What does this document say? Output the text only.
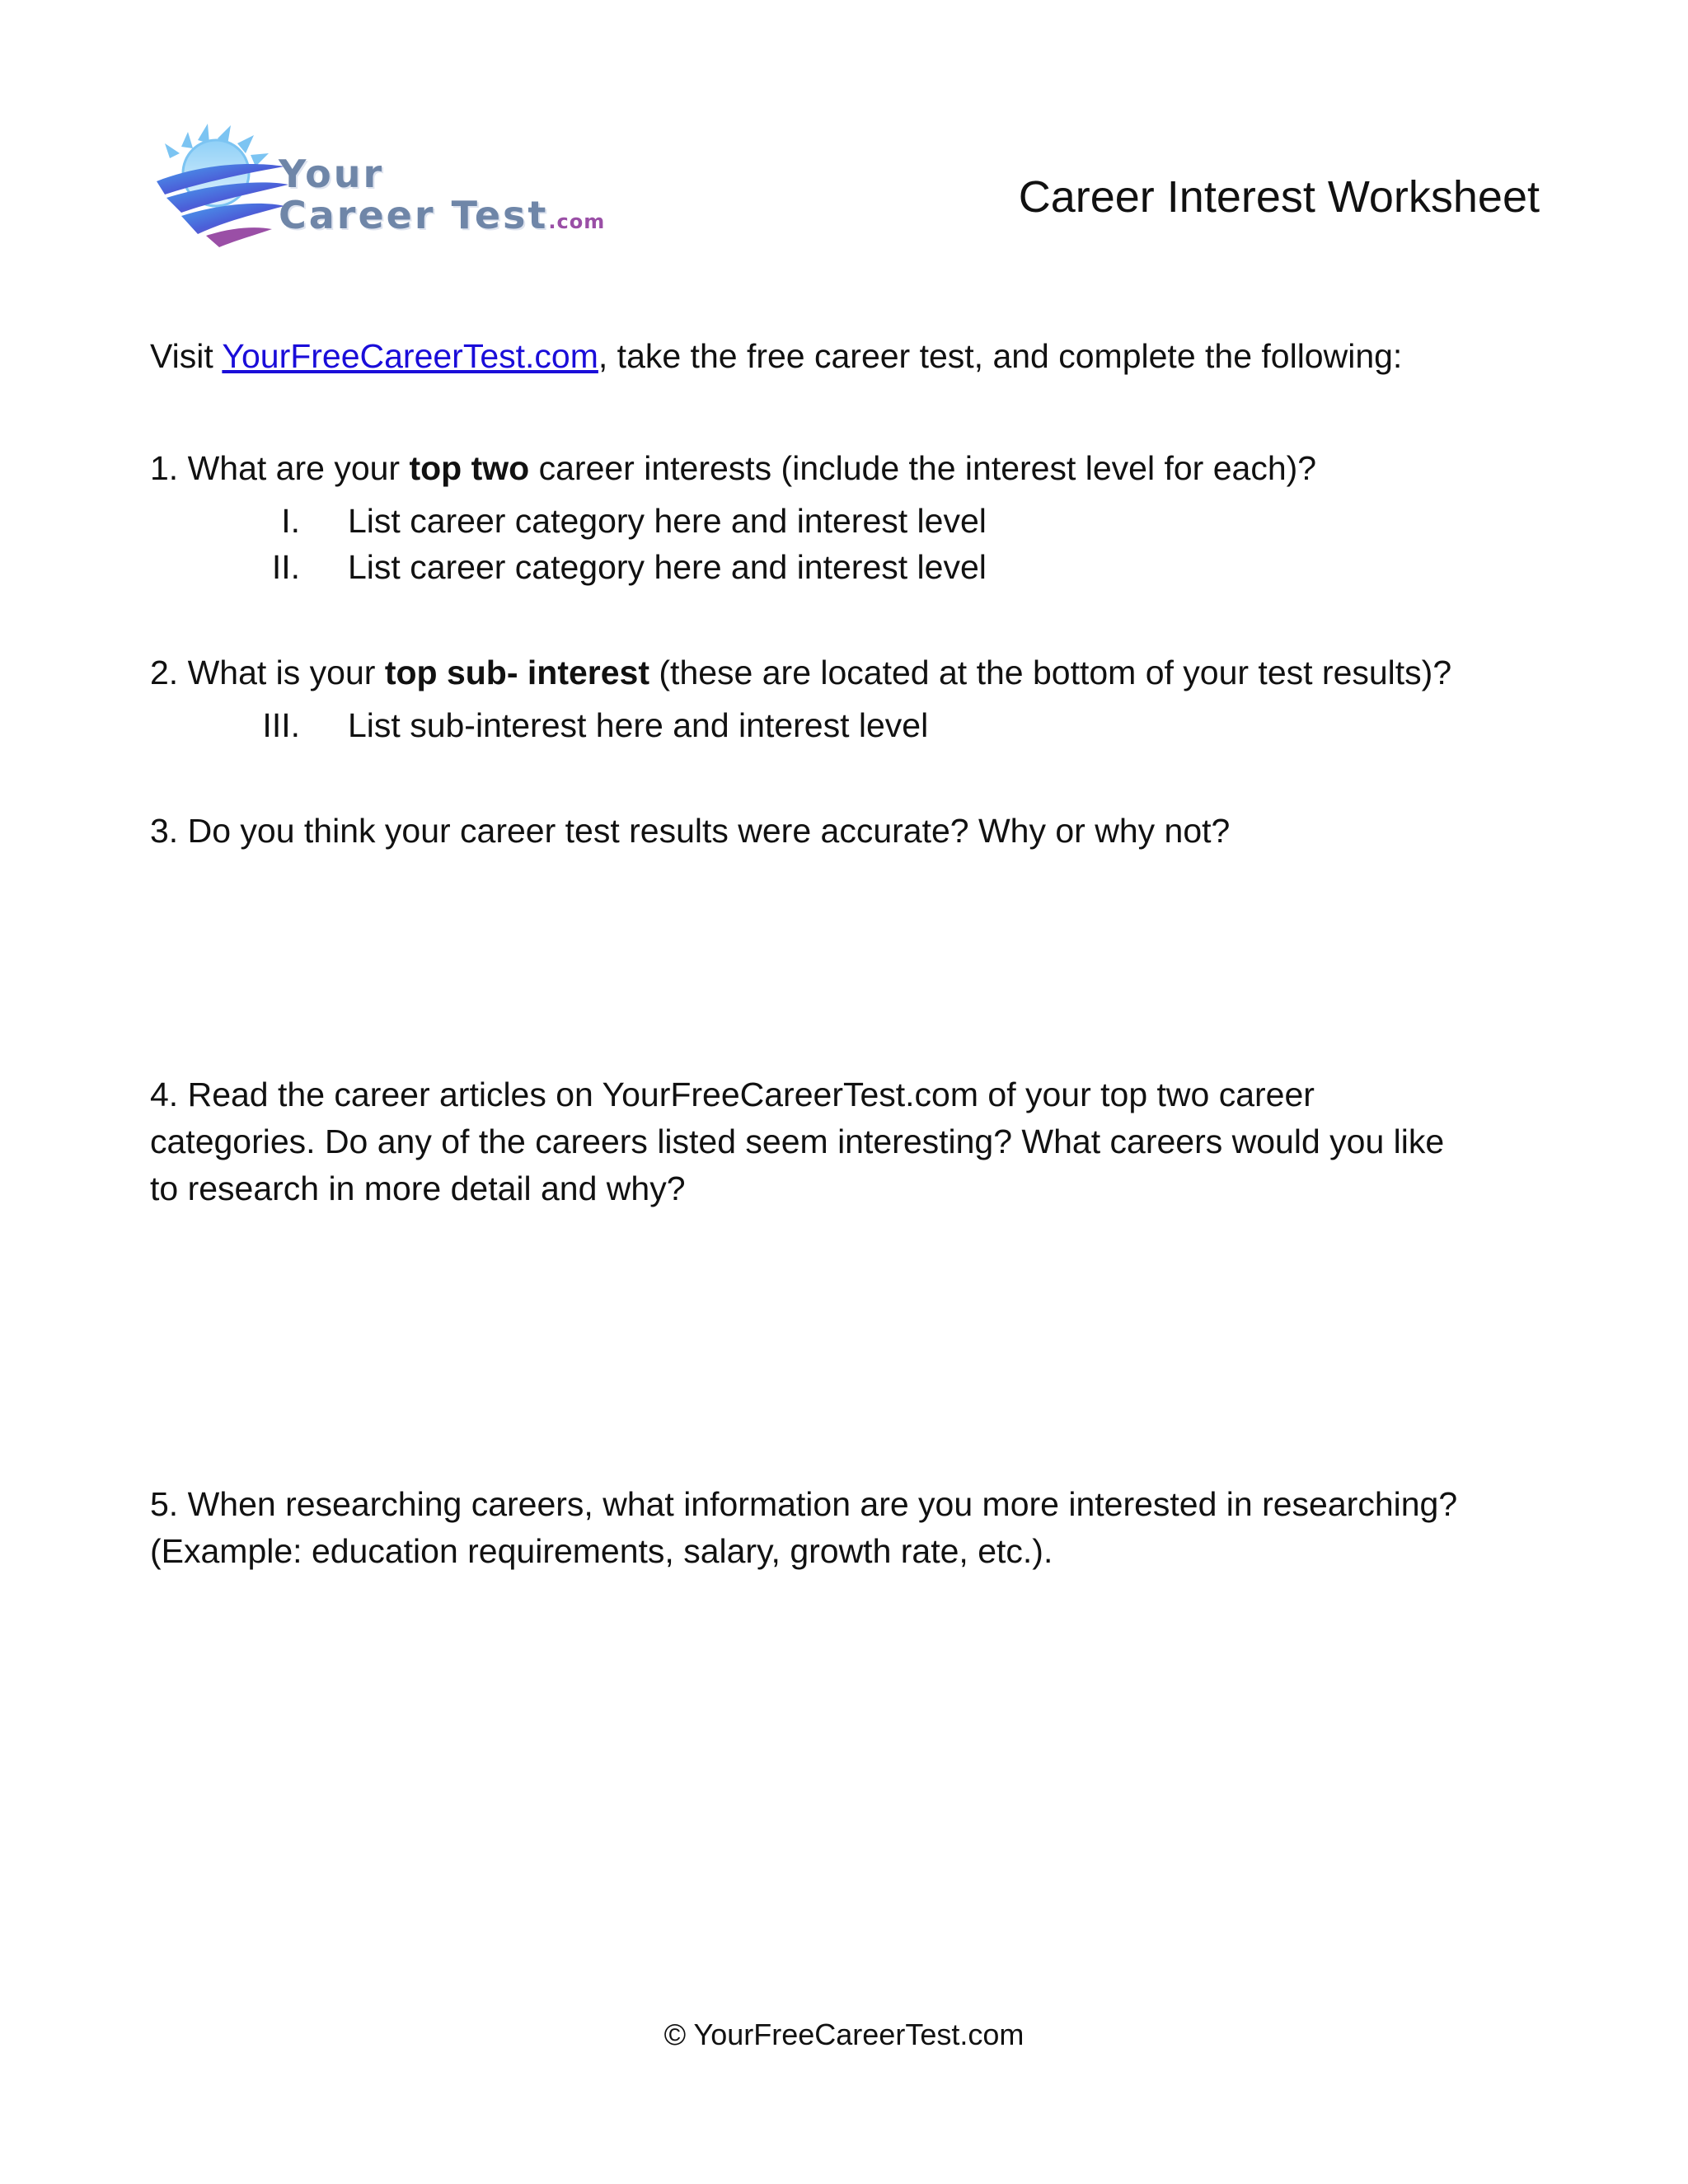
Your
Career Test.com	Career Interest Worksheet
Visit YourFreeCareerTest.com, take the free career test, and complete the following:
1. What are your top two career interests (include the interest level for each)?
I. List career category here and interest level
II. List career category here and interest level
2. What is your top sub- interest (these are located at the bottom of your test results)?
III. List sub-interest here and interest level
3. Do you think your career test results were accurate? Why or why not?
4. Read the career articles on YourFreeCareerTest.com of your top two career
categories. Do any of the careers listed seem interesting? What careers would you like
to research in more detail and why?
5. When researching careers, what information are you more interested in researching?
(Example: education requirements, salary, growth rate, etc.).
© YourFreeCareerTest.com
